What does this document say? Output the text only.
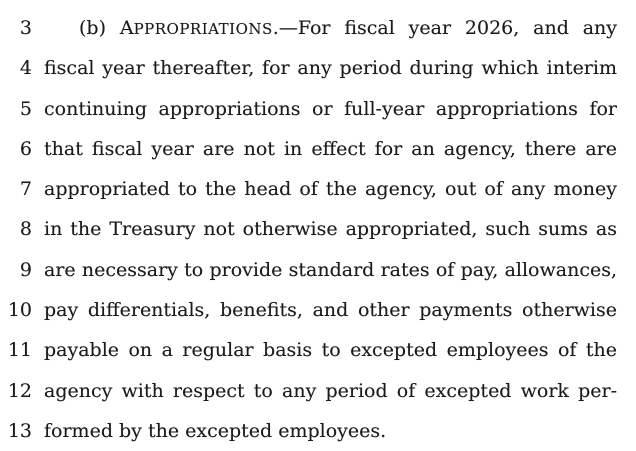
3	(b) APPROPRIATIONS.—For fiscal year 2026, and any
4 fiscal year thereafter, for any period during which interim
5 continuing appropriations or full-year appropriations for
6 that fiscal year are not in effect for an agency, there are
7 appropriated to the head of the agency, out of any money
8 in the Treasury not otherwise appropriated, such sums as
9 are necessary to provide standard rates of pay, allowances,
10 pay differentials, benefits, and other payments otherwise
11 payable on a regular basis to excepted employees of the
12 agency with respect to any period of excepted work per-
13 formed by the excepted employees.
